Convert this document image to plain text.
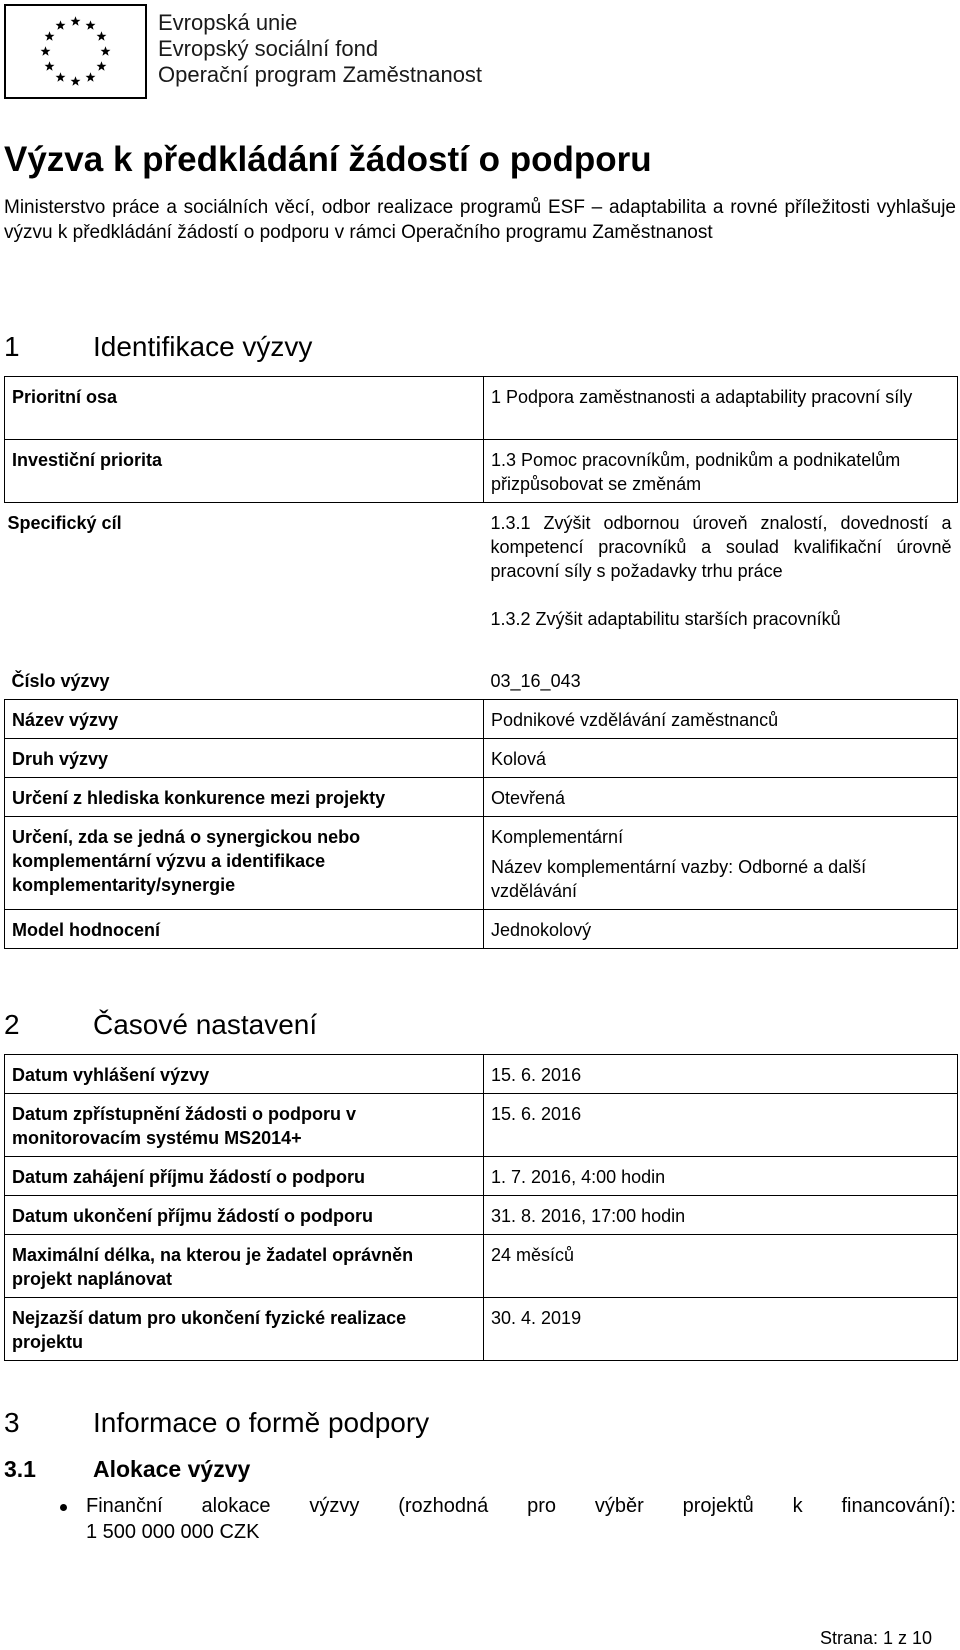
Evropská unie
Evropský sociální fond
Operační program Zaměstnanost
Výzva k předkládání žádostí o podporu

Ministerstvo práce a sociálních věcí, odbor realizace programů ESF – adaptabilita a rovné příležitosti vyhlašuje výzvu k předkládání žádostí o podporu v rámci Operačního programu Zaměstnanost

1	Identifikace výzvy
Prioritní osa	1 Podpora zaměstnanosti a adaptability pracovní síly
Investiční priorita	1.3 Pomoc pracovníkům, podnikům a podnikatelům přizpůsobovat se změnám
Specifický cíl	1.3.1 Zvýšit odbornou úroveň znalostí, dovedností a kompetencí pracovníků a soulad kvalifikační úrovně pracovní síly s požadavky trhu práce
1.3.2 Zvýšit adaptabilitu starších pracovníků

Číslo výzvy	03_16_043
Název výzvy	Podnikové vzdělávání zaměstnanců
Druh výzvy	Kolová
Určení z hlediska konkurence mezi projekty	Otevřená
Určení, zda se jedná o synergickou nebo komplementární výzvu a identifikace komplementarity/synergie	Komplementární
Název komplementární vazby: Odborné a další vzdělávání

Model hodnocení	Jednokolový
2	Časové nastavení
Datum vyhlášení výzvy	15. 6. 2016
Datum zpřístupnění žádosti o podporu v monitorovacím systému MS2014+	15. 6. 2016
Datum zahájení příjmu žádostí o podporu	1. 7. 2016, 4:00 hodin
Datum ukončení příjmu žádostí o podporu	31. 8. 2016, 17:00 hodin
Maximální délka, na kterou je žadatel oprávněn projekt naplánovat	24 měsíců
Nejzazší datum pro ukončení fyzické realizace projektu	30. 4. 2019
3	Informace o formě podpory
3.1 Alokace výzvy
Finanční alokace výzvy (rozhodná pro výběr projektů k financování):
1 500 000 000 CZK
Strana: 1 z 10
